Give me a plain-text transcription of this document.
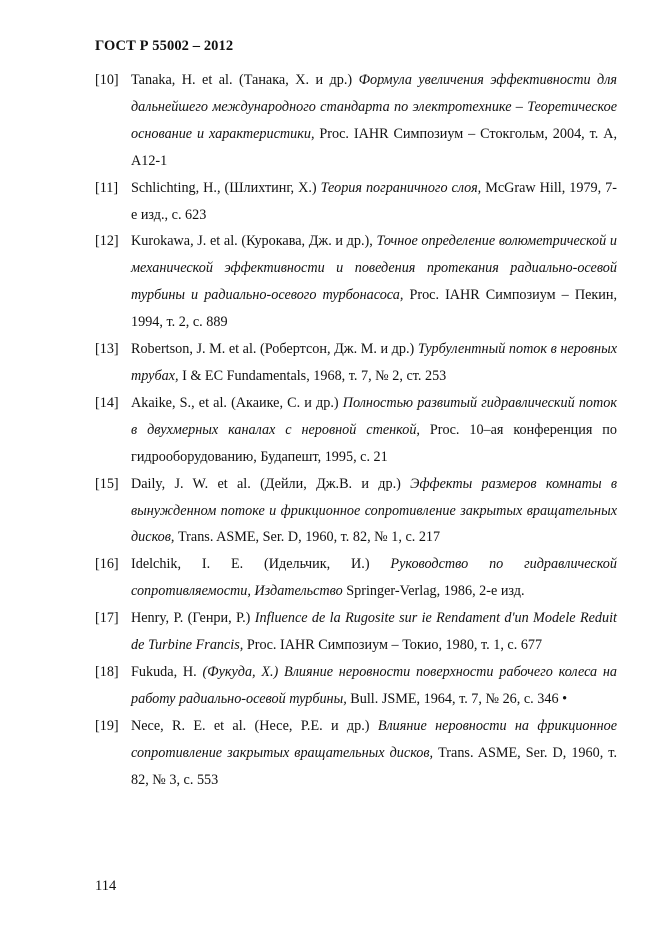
ГОСТ Р 55002 – 2012
[10] Tanaka, H. et al. (Танака, Х. и др.) Формула увеличения эффективности для дальнейшего международного стандарта по электротехнике – Теоретическое основание и характеристики, Proc. IAHR Симпозиум – Стокгольм, 2004, т. А, А12-1
[11] Schlichting, H., (Шлихтинг, Х.) Теория пограничного слоя, McGraw Hill, 1979, 7-е изд., с. 623
[12] Kurokawa, J. et al. (Курокава, Дж. и др.), Точное определение волюметрической и механической эффективности и поведения протекания радиально-осевой турбины и радиально-осевого турбонасоса, Proc. IAHR Симпозиум – Пекин, 1994, т. 2, с. 889
[13] Robertson, J. M. et al. (Робертсон, Дж. М. и др.) Турбулентный поток в неровных трубах, I & EC Fundamentals, 1968, т. 7, № 2, ст. 253
[14] Akaike, S., et al. (Акаике, С. и др.) Полностью развитый гидравлический поток в двухмерных каналах с неровной стенкой, Proc. 10–ая конференция по гидрооборудованию, Будапешт, 1995, с. 21
[15] Daily, J. W. et al. (Дейли, Дж.В. и др.) Эффекты размеров комнаты в вынужденном потоке и фрикционное сопротивление закрытых вращательных дисков, Trans. ASME, Ser. D, 1960, т. 82, № 1, с. 217
[16] Idelchik, I. E. (Идельчик, И.) Руководство по гидравлической сопротивляемости, Издательство Springer-Verlag, 1986, 2-е изд.
[17] Henry, P. (Генри, Р.) Influence de la Rugosite sur ie Rendament d'un Modele Reduit de Turbine Francis, Proc. IAHR Симпозиум – Токио, 1980, т. 1, с. 677
[18] Fukuda, H. (Фукуда, Х.) Влияние неровности поверхности рабочего колеса на работу радиально-осевой турбины, Bull. JSME, 1964, т. 7, № 26, с. 346 •
[19] Nece, R. E. et al. (Несе, Р.Е. и др.) Влияние неровности на фрикционное сопротивление закрытых вращательных дисков, Trans. ASME, Ser. D, 1960, т. 82, № 3, с. 553
114
